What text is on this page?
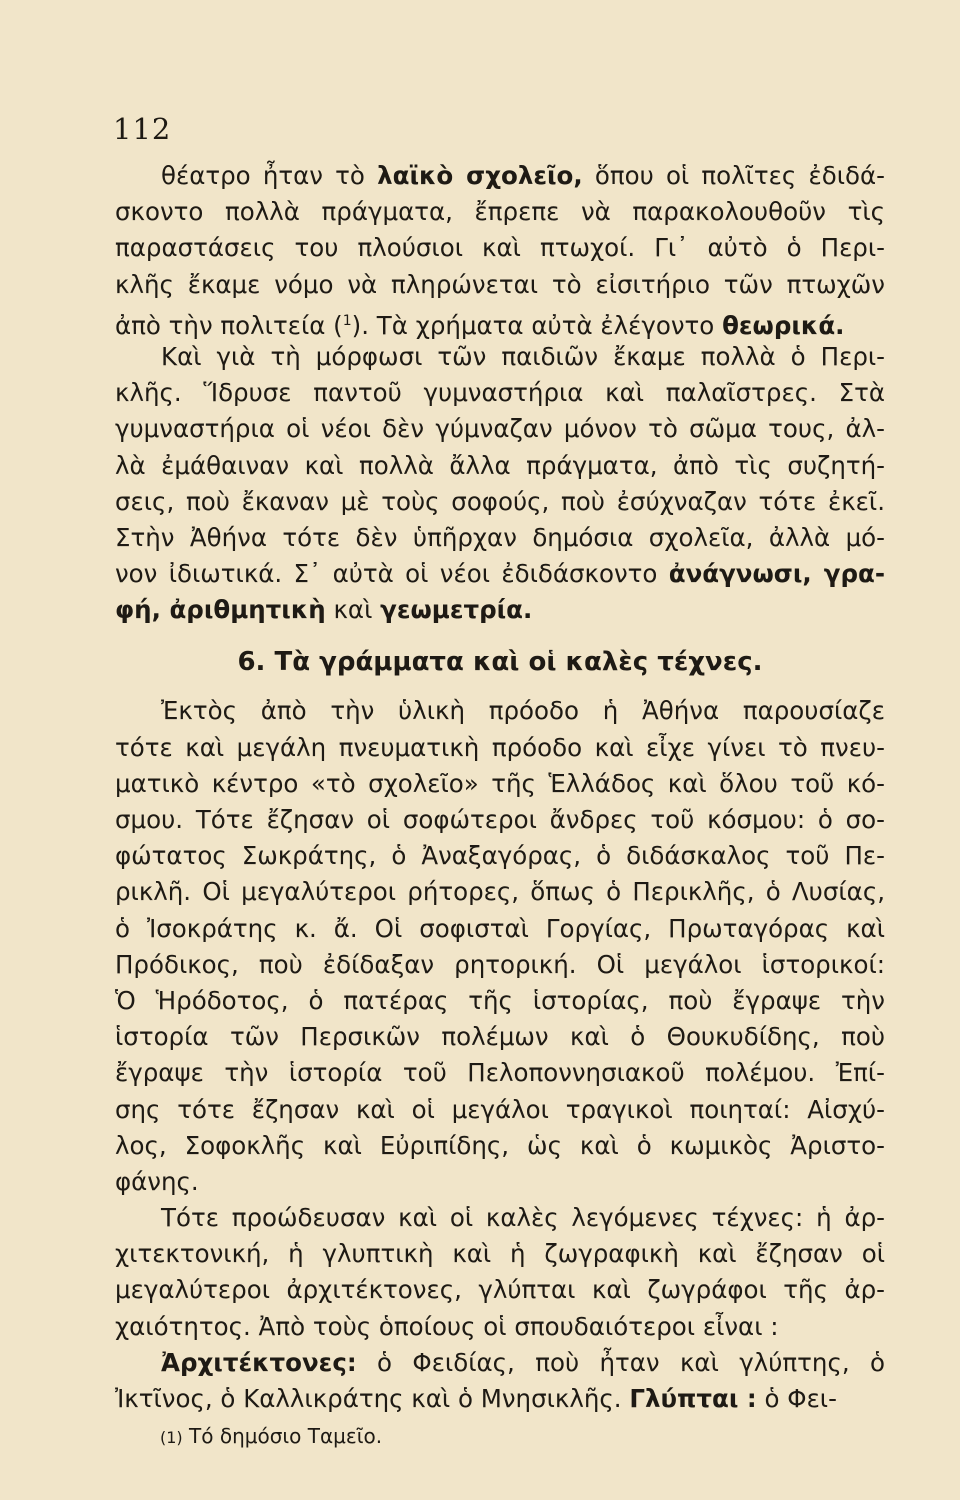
112
θέατρο ἦταν τὸ λαϊκὸ σχολεῖο, ὅπου οἱ πολῖτες ἐδιδά-
σκοντο πολλὰ πράγματα, ἔπρεπε νὰ παρακολουθοῦν τὶς
παραστάσεις του πλούσιοι καὶ πτωχοί. Γι᾽ αὐτὸ ὁ Περι-
κλῆς ἔκαμε νόμο νὰ πληρώνεται τὸ εἰσιτήριο τῶν πτωχῶν
ἀπὸ τὴν πολιτεία ($^1$). Τὰ χρήματα αὐτὰ ἐλέγοντο θεωρικά.
Καὶ γιὰ τὴ μόρφωσι τῶν παιδιῶν ἔκαμε πολλὰ ὁ Περι-
κλῆς. Ἵδρυσε παντοῦ γυμναστήρια καὶ παλαῖστρες. Στὰ
γυμναστήρια οἱ νέοι δὲν γύμναζαν μόνον τὸ σῶμα τους, ἀλ-
λὰ ἐμάθαιναν καὶ πολλὰ ἄλλα πράγματα, ἀπὸ τὶς συζητή-
σεις, ποὺ ἔκαναν μὲ τοὺς σοφούς, ποὺ ἐσύχναζαν τότε ἐκεῖ.
Στὴν Ἀθήνα τότε δὲν ὑπῆρχαν δημόσια σχολεῖα, ἀλλὰ μό-
νον ἰδιωτικά. Σ᾽ αὐτὰ οἱ νέοι ἐδιδάσκοντο ἀνάγνωσι, γρα-
φή, ἀριθμητικὴ καὶ γεωμετρία.
6. Τὰ γράμματα καὶ οἱ καλὲς τέχνες.
Ἐκτὸς ἀπὸ τὴν ὑλικὴ πρόοδο ἡ Ἀθήνα παρουσίαζε
τότε καὶ μεγάλη πνευματικὴ πρόοδο καὶ εἶχε γίνει τὸ πνευ-
ματικὸ κέντρο «τὸ σχολεῖο» τῆς Ἑλλάδος καὶ ὅλου τοῦ κό-
σμου. Τότε ἔζησαν οἱ σοφώτεροι ἄνδρες τοῦ κόσμου: ὁ σο-
φώτατος Σωκράτης, ὁ Ἀναξαγόρας, ὁ διδάσκαλος τοῦ Πε-
ρικλῆ. Οἱ μεγαλύτεροι ρήτορες, ὅπως ὁ Περικλῆς, ὁ Λυσίας,
ὁ Ἰσοκράτης κ. ἄ. Οἱ σοφισταὶ Γοργίας, Πρωταγόρας καὶ
Πρόδικος, ποὺ ἐδίδαξαν ρητορική. Οἱ μεγάλοι ἱστορικοί:
Ὁ Ἡρόδοτος, ὁ πατέρας τῆς ἱστορίας, ποὺ ἔγραψε τὴν
ἱστορία τῶν Περσικῶν πολέμων καὶ ὁ Θουκυδίδης, ποὺ
ἔγραψε τὴν ἱστορία τοῦ Πελοποννησιακοῦ πολέμου. Ἐπί-
σης τότε ἔζησαν καὶ οἱ μεγάλοι τραγικοὶ ποιηταί: Αἰσχύ-
λος, Σοφοκλῆς καὶ Εὐριπίδης, ὡς καὶ ὁ κωμικὸς Ἀριστο-
φάνης.
Τότε προώδευσαν καὶ οἱ καλὲς λεγόμενες τέχνες: ἡ ἀρ-
χιτεκτονική, ἡ γλυπτικὴ καὶ ἡ ζωγραφικὴ καὶ ἔζησαν οἱ
μεγαλύτεροι ἀρχιτέκτονες, γλύπται καὶ ζωγράφοι τῆς ἀρ-
χαιότητος. Ἀπὸ τοὺς ὁποίους οἱ σπουδαιότεροι εἶναι :
Ἀρχιτέκτονες: ὁ Φειδίας, ποὺ ἦταν καὶ γλύπτης, ὁ
Ἰκτῖνος, ὁ Καλλικράτης καὶ ὁ Μνησικλῆς. Γλύπται : ὁ Φει-
(1) Τό δημόσιο Ταμεῖο.
